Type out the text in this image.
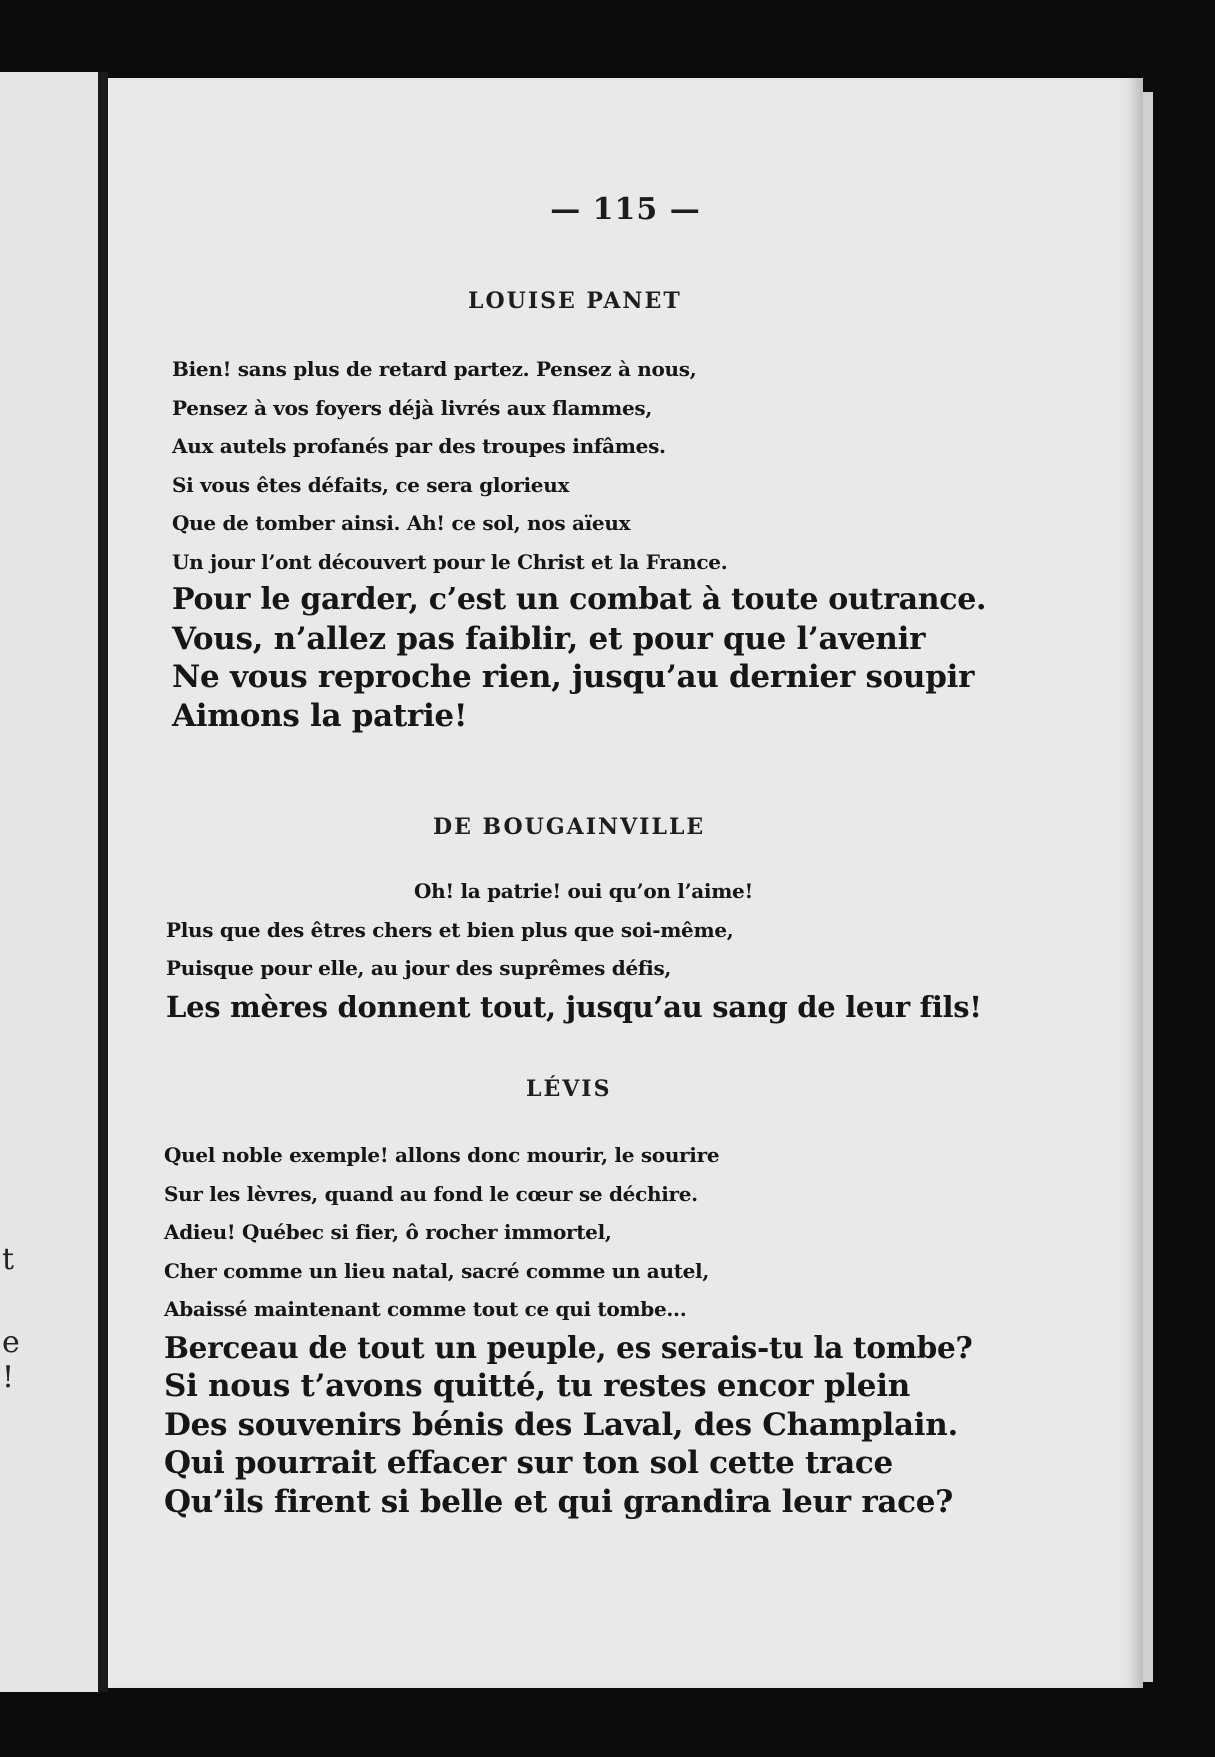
t
e
!
— 115 —
LOUISE PANET
Bien! sans plus de retard partez. Pensez à nous,
Pensez à vos foyers déjà livrés aux flammes,
Aux autels profanés par des troupes infâmes.
Si vous êtes défaits, ce sera glorieux
Que de tomber ainsi. Ah! ce sol, nos aïeux
Un jour l’ont découvert pour le Christ et la France.
Pour le garder, c’est un combat à toute outrance.
Vous, n’allez pas faiblir, et pour que l’avenir
Ne vous reproche rien, jusqu’au dernier soupir
Aimons la patrie!
DE BOUGAINVILLE
Oh! la patrie! oui qu’on l’aime!
Plus que des êtres chers et bien plus que soi-même,
Puisque pour elle, au jour des suprêmes défis,
Les mères donnent tout, jusqu’au sang de leur fils!
LÉVIS
Quel noble exemple! allons donc mourir, le sourire
Sur les lèvres, quand au fond le cœur se déchire.
Adieu! Québec si fier, ô rocher immortel,
Cher comme un lieu natal, sacré comme un autel,
Abaissé maintenant comme tout ce qui tombe...
Berceau de tout un peuple, es serais-tu la tombe?
Si nous t’avons quitté, tu restes encor plein
Des souvenirs bénis des Laval, des Champlain.
Qui pourrait effacer sur ton sol cette trace
Qu’ils firent si belle et qui grandira leur race?
